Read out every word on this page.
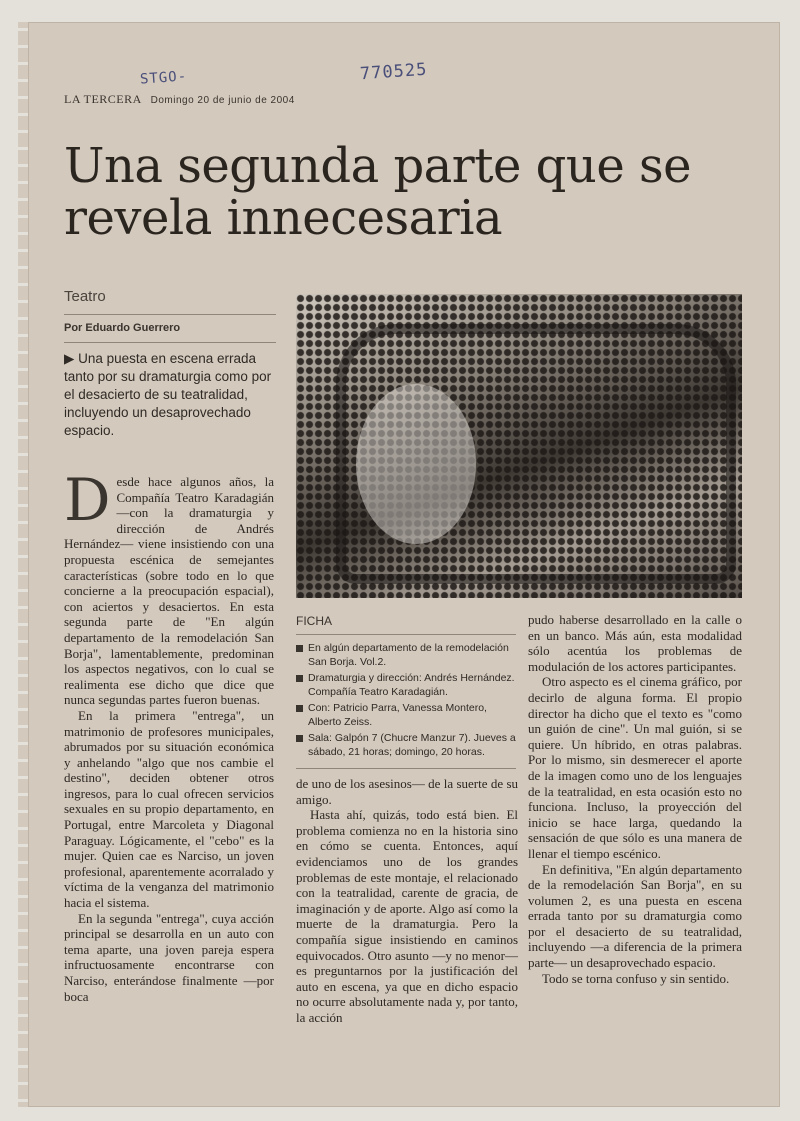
STGO-	770525
LA TERCERA Domingo 20 de junio de 2004
Una segunda parte que se revela innecesaria
Teatro
Por Eduardo Guerrero
▶ Una puesta en escena errada tanto por su dramaturgia como por el desacierto de su teatralidad, incluyendo un desaprovechado espacio.

Desde hace algunos años, la Compañía Teatro Karadagián —con la dramaturgia y dirección de Andrés Hernández— viene insistiendo con una propuesta escénica de semejantes características (sobre todo en lo que concierne a la preocupación espacial), con aciertos y desaciertos. En esta segunda parte de "En algún departamento de la remodelación San Borja", lamentablemente, predominan los aspectos negativos, con lo cual se realimenta ese dicho que dice que nunca segundas partes fueron buenas.

En la primera "entrega", un matrimonio de profesores municipales, abrumados por su situación económica y anhelando "algo que nos cambie el destino", deciden obtener otros ingresos, para lo cual ofrecen servicios sexuales en su propio departamento, en Portugal, entre Marcoleta y Diagonal Paraguay. Lógicamente, el "cebo" es la mujer. Quien cae es Narciso, un joven profesional, aparentemente acorralado y víctima de la venganza del matrimonio hacia el sistema.

En la segunda "entrega", cuya acción principal se desarrolla en un auto con tema aparte, una joven pareja espera infructuosamente encontrarse con Narciso, enterándose finalmente —por boca

FICHA
En algún departamento de la remodelación San Borja. Vol.2.
Dramaturgia y dirección: Andrés Hernández. Compañía Teatro Karadagián.
Con: Patricio Parra, Vanessa Montero, Alberto Zeiss.
Sala: Galpón 7 (Chucre Manzur 7). Jueves a sábado, 21 horas; domingo, 20 horas.

de uno de los asesinos— de la suerte de su amigo.

Hasta ahí, quizás, todo está bien. El problema comienza no en la historia sino en cómo se cuenta. Entonces, aquí evidenciamos uno de los grandes problemas de este montaje, el relacionado con la teatralidad, carente de gracia, de imaginación y de aporte. Algo así como la muerte de la dramaturgia. Pero la compañía sigue insistiendo en caminos equivocados. Otro asunto —y no menor— es preguntarnos por la justificación del auto en escena, ya que en dicho espacio no ocurre absolutamente nada y, por tanto, la acción

pudo haberse desarrollado en la calle o en un banco. Más aún, esta modalidad sólo acentúa los problemas de modulación de los actores participantes.

Otro aspecto es el cinema gráfico, por decirlo de alguna forma. El propio director ha dicho que el texto es "como un guión de cine". Un mal guión, si se quiere. Un híbrido, en otras palabras. Por lo mismo, sin desmerecer el aporte de la imagen como uno de los lenguajes de la teatralidad, en esta ocasión esto no funciona. Incluso, la proyección del inicio se hace larga, quedando la sensación de que sólo es una manera de llenar el tiempo escénico.

En definitiva, "En algún departamento de la remodelación San Borja", en su volumen 2, es una puesta en escena errada tanto por su dramaturgia como por el desacierto de su teatralidad, incluyendo —a diferencia de la primera parte— un desaprovechado espacio.

Todo se torna confuso y sin sentido.
